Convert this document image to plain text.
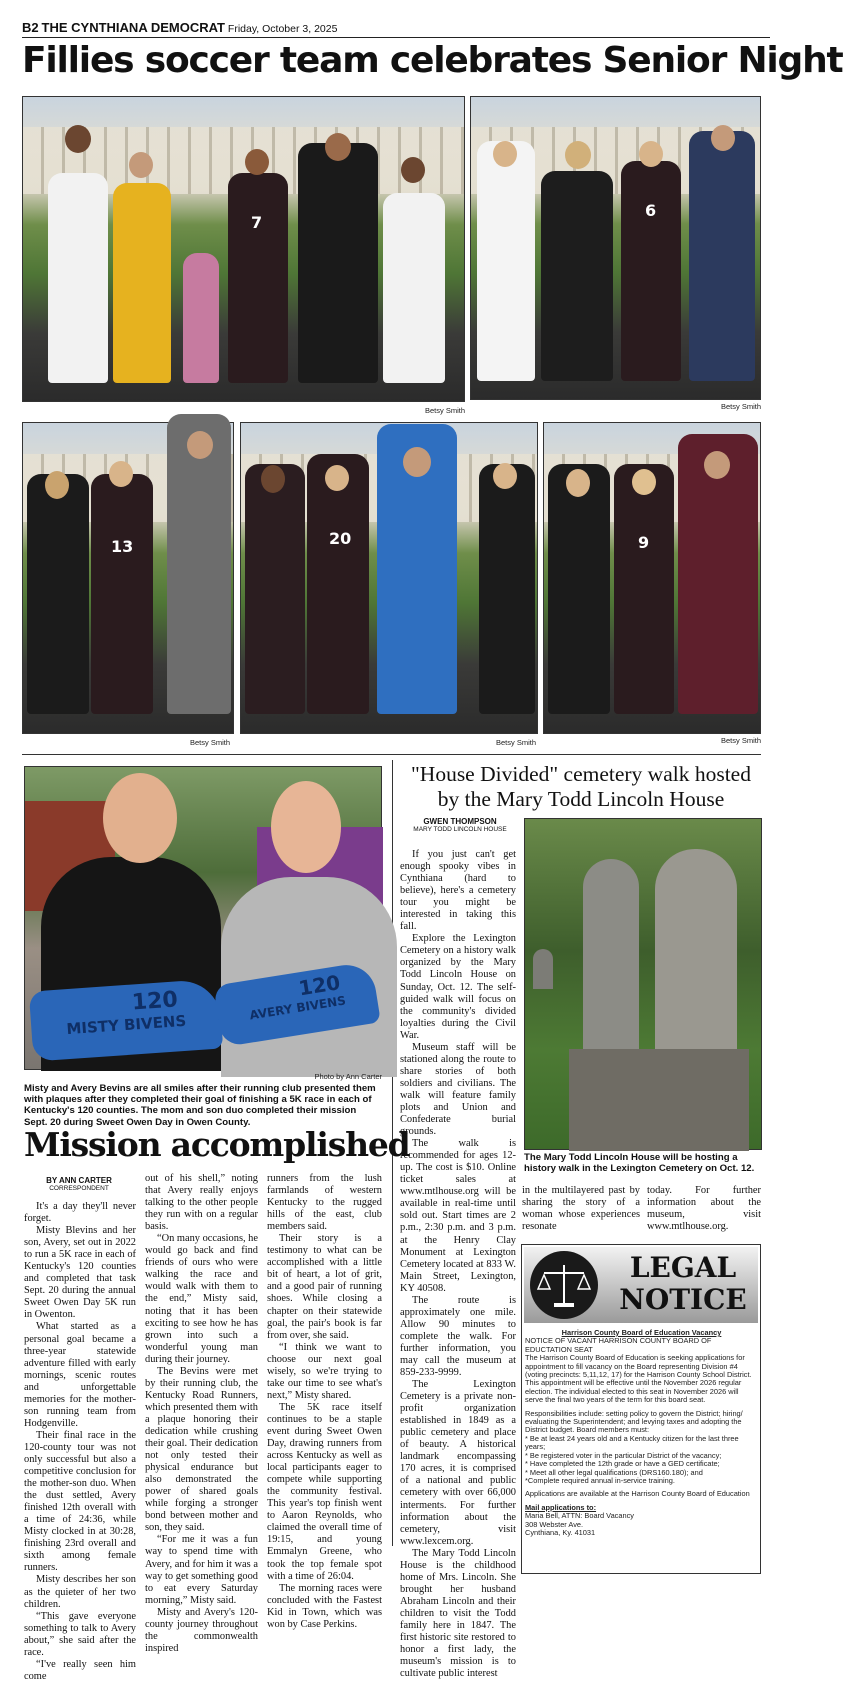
B2 THE CYNTHIANA DEMOCRAT Friday, October 3, 2025
Fillies soccer team celebrates Senior Night
7
Betsy Smith
6
Betsy Smith
13
Betsy Smith
20
Betsy Smith
9
Betsy Smith
120
MISTY BIVENS
120
AVERY BIVENS
Photo by Ann Carter
Misty and Avery Bevins are all smiles after their running club presented them with plaques after they completed their goal of finishing a 5K race in each of Kentucky's 120 counties. The mom and son duo completed their mission Sept. 20 during Sweet Owen Day in Owen County.
Mission accomplished
BY ANN CARTER
CORRESPONDENT

It's a day they'll never forget.

Misty Blevins and her son, Avery, set out in 2022 to run a 5K race in each of Kentucky's 120 counties and completed that task Sept. 20 during the annual Sweet Owen Day 5K run in Owenton.

What started as a personal goal became a three-year statewide adventure filled with early mornings, scenic routes and unforgettable memories for the mother-son running team from Hodgenville.

Their final race in the 120-county tour was not only successful but also a competitive conclusion for the mother-son duo. When the dust settled, Avery finished 12th overall with a time of 24:36, while Misty clocked in at 30:28, finishing 23rd overall and sixth among female runners.

Misty describes her son as the quieter of her two children.

“This gave everyone something to talk to Avery about,” she said after the race.

“I've really seen him come

out of his shell,” noting that Avery really enjoys talking to the other people they run with on a regular basis.

“On many occasions, he would go back and find friends of ours who were walking the race and would walk with them to the end,” Misty said, noting that it has been exciting to see how he has grown into such a wonderful young man during their journey.

The Bevins were met by their running club, the Kentucky Road Runners, which presented them with a plaque honoring their dedication while crushing their goal. Their dedication not only tested their physical endurance but also demonstrated the power of shared goals while forging a stronger bond between mother and son, they said.

“For me it was a fun way to spend time with Avery, and for him it was a way to get something good to eat every Saturday morning,” Misty said.

Misty and Avery's 120-county journey throughout the commonwealth inspired

runners from the lush farmlands of western Kentucky to the rugged hills of the east, club members said.

Their story is a testimony to what can be accomplished with a little bit of heart, a lot of grit, and a good pair of running shoes. While closing a chapter on their statewide goal, the pair's book is far from over, she said.

“I think we want to choose our next goal wisely, so we're trying to take our time to see what's next,” Misty shared.

The 5K race itself continues to be a staple event during Sweet Owen Day, drawing runners from across Kentucky as well as local participants eager to compete while supporting the community festival. This year's top finish went to Aaron Reynolds, who claimed the overall time of 19:15, and young Emmalyn Greene, who took the top female spot with a time of 26:04.

The morning races were concluded with the Fastest Kid in Town, which was won by Case Perkins.

"House Divided" cemetery walk hosted by the Mary Todd Lincoln House
GWEN THOMPSON
MARY TODD LINCOLN HOUSE

If you just can't get enough spooky vibes in Cynthiana (hard to believe), here's a cemetery tour you might be interested in taking this fall.

Explore the Lexington Cemetery on a history walk organized by the Mary Todd Lincoln House on Sunday, Oct. 12. The self-guided walk will focus on the community's divided loyalties during the Civil War.

Museum staff will be stationed along the route to share stories of both soldiers and civilians. The walk will feature family plots and Union and Confederate burial grounds.

The walk is recommended for ages 12-up. The cost is $10. Online ticket sales at www.mtlhouse.org will be available in real-time until sold out. Start times are 2 p.m., 2:30 p.m. and 3 p.m. at the Henry Clay Monument at Lexington Cemetery located at 833 W. Main Street, Lexington, KY 40508.

The route is approximately one mile. Allow 90 minutes to complete the walk. For further information, you may call the museum at 859-233-9999.

The Lexington Cemetery is a private non-profit organization established in 1849 as a public cemetery and place of beauty. A historical landmark encompassing 170 acres, it is comprised of a national and public cemetery with over 66,000 interments. For further information about the cemetery, visit www.lexcem.org.

The Mary Todd Lincoln House is the childhood home of Mrs. Lincoln. She brought her husband Abraham Lincoln and their children to visit the Todd family here in 1847. The first historic site restored to honor a first lady, the museum's mission is to cultivate public interest

The Mary Todd Lincoln House will be hosting a history walk in the Lexington Cemetery on Oct. 12.

in the multilayered past by sharing the story of a woman whose experiences resonate

today. For further information about the museum, visit www.mtlhouse.org.

LEGAL
NOTICE
Harrison County Board of Education Vacancy
NOTICE OF VACANT HARRISON COUNTY BOARD OF EDUCTATION SEAT
The Harrison County Board of Education is seeking applications for appointment to fill vacancy on the Board representing Division #4 (voting precincts: 5,11,12, 17) for the Harrison County School District. This appointment will be effective until the November 2026 regular election. The individual elected to this seat in November 2026 will serve the final two years of the term for this board seat.
Responsibilities include: setting policy to govern the District; hiring/ evaluating the Superintendent; and levying taxes and adopting the District budget. Board members must:
* Be at least 24 years old and a Kentucky citizen for the last three years;
* Be registered voter in the particular District of the vacancy;
* Have completed the 12th grade or have a GED certificate;
* Meet all other legal qualifications (DRS160.180); and
*Complete required annual in-service training.
Applications are available at the Harrison County Board of Education
Mail applications to:
Maria Bell, ATTN: Board Vacancy
308 Webster Ave.
Cynthiana, Ky. 41031
